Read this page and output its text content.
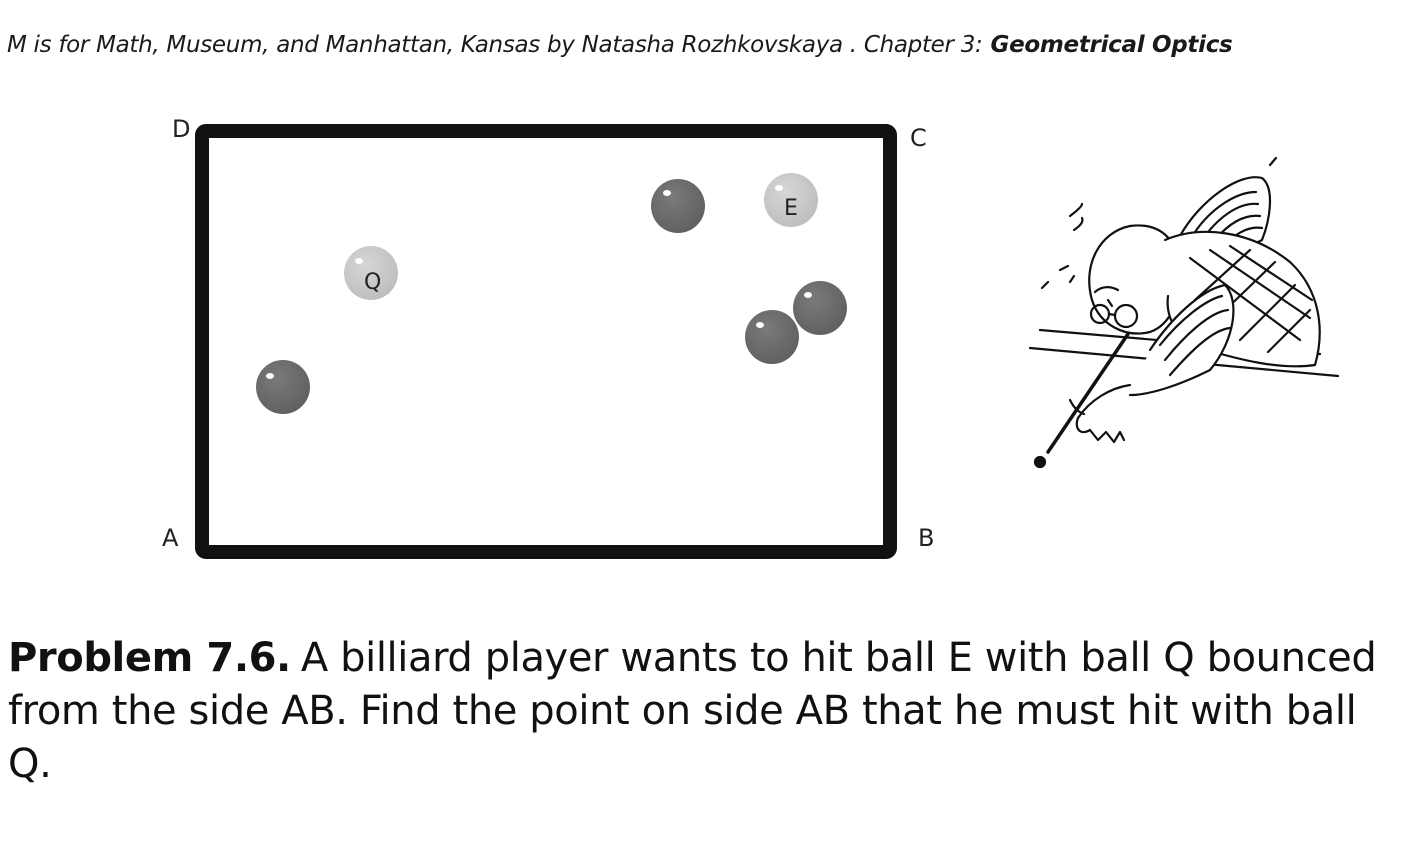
M is for Math, Museum, and Manhattan, Kansas by Natasha Rozhkovskaya . Chapter 3: Geometrical Optics
D	C
A	B
Q
E
Problem 7.6. A billiard player wants to hit ball E with ball Q bounced from the side AB. Find the point on side AB that he must hit with ball Q.
